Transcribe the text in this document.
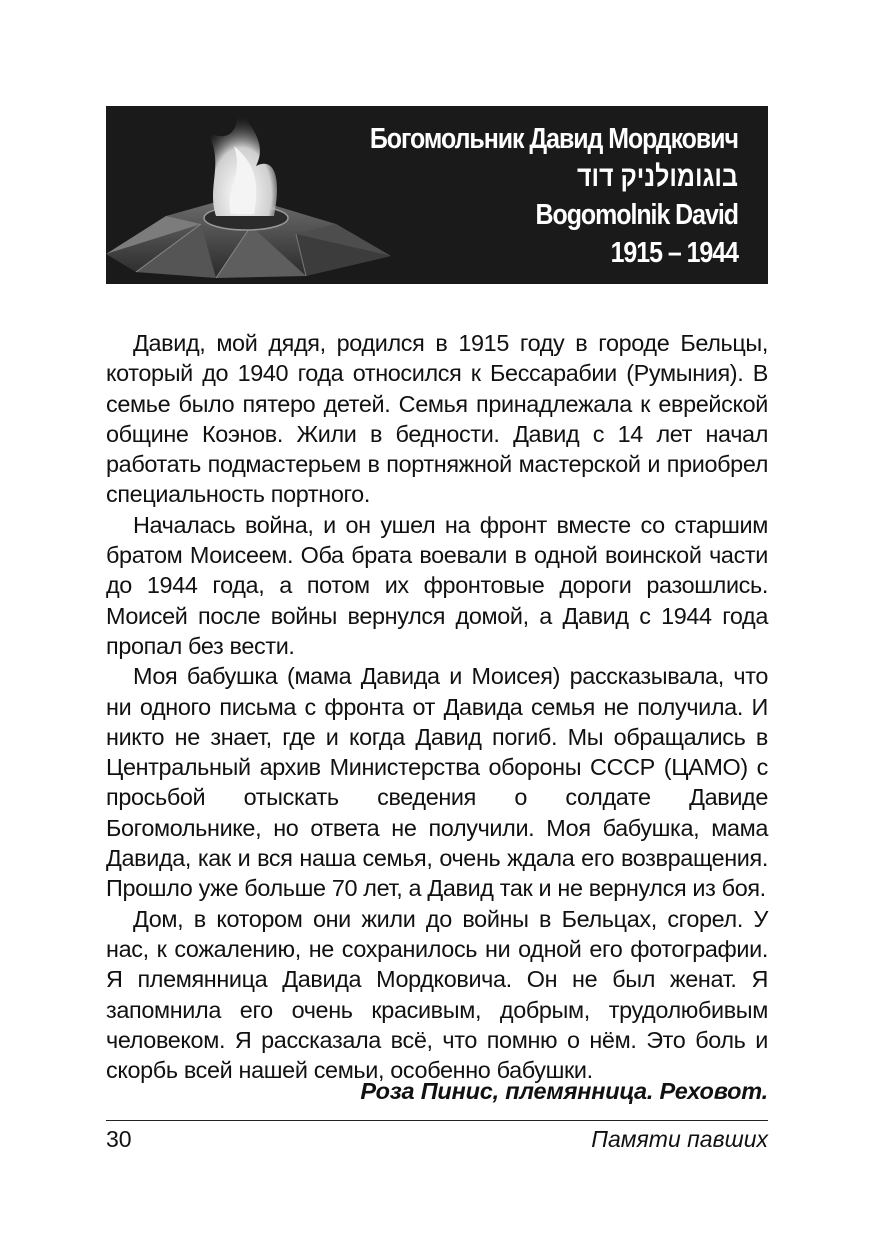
Богомольник Давид Мордкович
בוגומולניק דוד
Bogomolnik David
1915 – 1944

Давид, мой дядя, родился в 1915 году в городе Бельцы, который до 1940 года относился к Бессарабии (Румыния). В семье было пятеро детей. Семья принадлежала к еврейской общине Коэнов. Жили в бедности. Давид с 14 лет начал работать подмастерьем в портняжной мастерской и приобрел специальность портного.

Началась война, и он ушел на фронт вместе со старшим братом Моисеем. Оба брата воевали в одной воинской части до 1944 года, а потом их фронтовые дороги разошлись. Моисей после войны вернулся домой, а Давид с 1944 года пропал без вести.

Моя бабушка (мама Давида и Моисея) рассказывала, что ни одного письма с фронта от Давида семья не получила. И никто не знает, где и когда Давид погиб. Мы обращались в Центральный архив Министерства обороны СССР (ЦАМО) с просьбой отыскать сведения о солдате Давиде Богомольнике, но ответа не получили. Моя бабушка, мама Давида, как и вся наша семья, очень ждала его возвращения. Прошло уже больше 70 лет, а Давид так и не вернулся из боя.

Дом, в котором они жили до войны в Бельцах, сгорел. У нас, к сожалению, не сохранилось ни одной его фотографии. Я племянница Давида Мордковича. Он не был женат. Я запомнила его очень красивым, добрым, трудолюбивым человеком. Я рассказала всё, что помню о нём. Это боль и скорбь всей нашей семьи, особенно бабушки.

Роза Пинис, племянница. Реховот.
30	Памяти павших
